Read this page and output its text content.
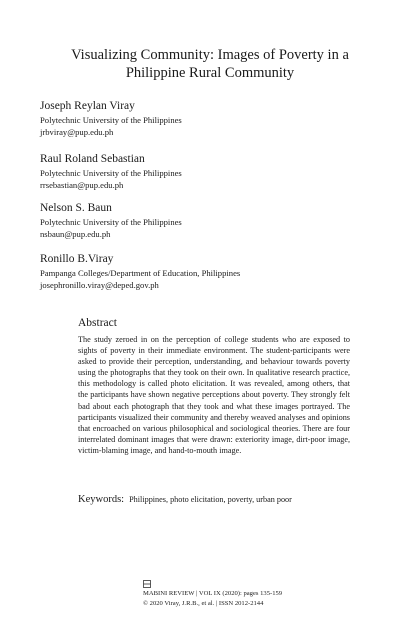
Visualizing Community: Images of Poverty in a
Philippine Rural Community
Joseph Reylan Viray
Polytechnic University of the Philippines
jrbviray@pup.edu.ph
Raul Roland Sebastian
Polytechnic University of the Philippines
rrsebastian@pup.edu.ph
Nelson S. Baun
Polytechnic University of the Philippines
nsbaun@pup.edu.ph
Ronillo B.Viray
Pampanga Colleges/Department of Education, Philippines
josephronillo.viray@deped.gov.ph
Abstract
The study zeroed in on the perception of college students who are exposed to sights of poverty in their immediate environment. The student-participants were asked to provide their perception, understanding, and behaviour towards poverty using the photographs that they took on their own. In qualitative research practice, this methodology is called photo elicitation. It was revealed, among others, that the participants have shown negative perceptions about poverty. They strongly felt bad about each photograph that they took and what these images portrayed. The participants visualized their community and thereby weaved analyses and opinions that encroached on various philosophical and sociological theories. There are four interrelated dominant images that were drawn: exteriority image, dirt-poor image, victim-blaming image, and hand-to-mouth image.
Keywords: Philippines, photo elicitation, poverty, urban poor
MABINI REVIEW | VOL IX (2020): pages 135-159
© 2020 Viray, J.R.B., et al. | ISSN 2012-2144
